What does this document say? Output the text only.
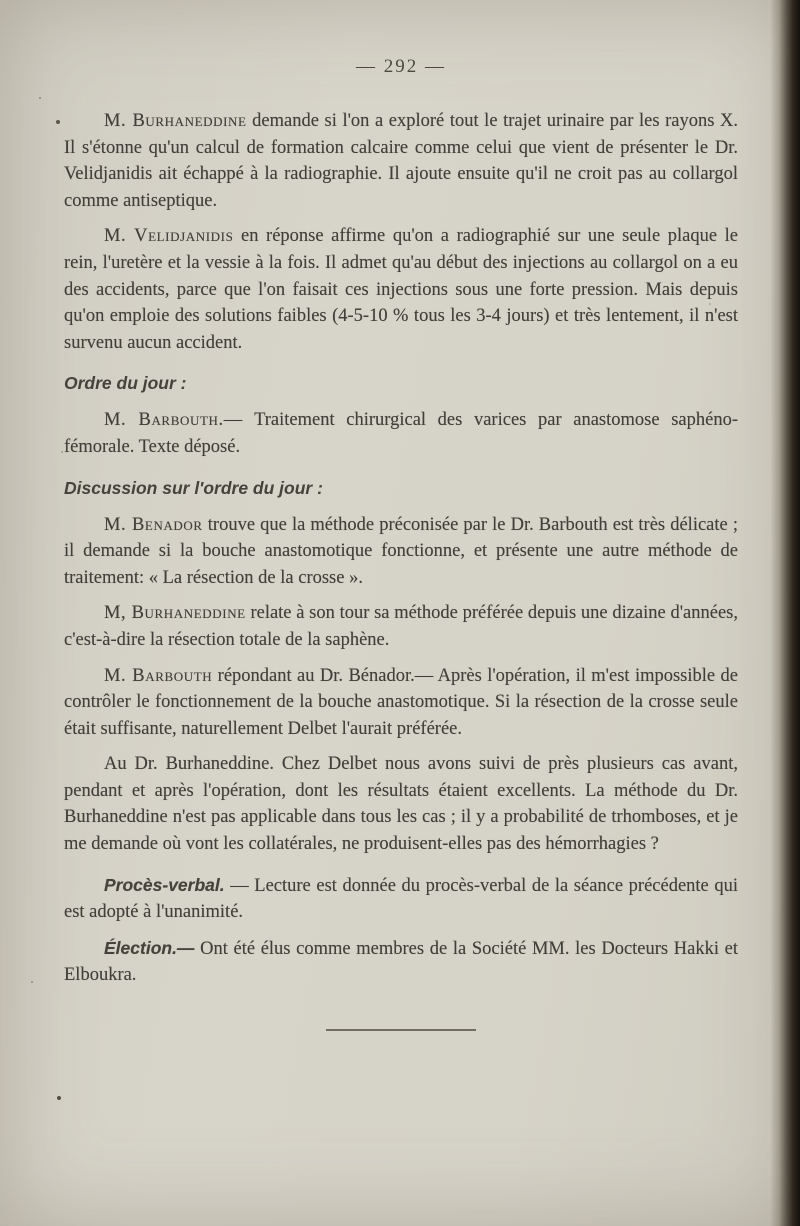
— 292 —

M. Burhaneddine demande si l'on a exploré tout le trajet urinaire par les rayons X. Il s'étonne qu'un calcul de formation calcaire comme celui que vient de présenter le Dr. Velidjanidis ait échappé à la radiographie. Il ajoute ensuite qu'il ne croit pas au collargol comme antiseptique.

M. Velidjanidis en réponse affirme qu'on a radiographié sur une seule plaque le rein, l'uretère et la vessie à la fois. Il admet qu'au début des injections au collargol on a eu des accidents, parce que l'on faisait ces injections sous une forte pression. Mais depuis qu'on emploie des solutions faibles (4-5-10 % tous les 3-4 jours) et très lentement, il n'est survenu aucun accident.

Ordre du jour :

M. Barbouth.— Traitement chirurgical des varices par anastomose saphéno-fémorale. Texte déposé.

Discussion sur l'ordre du jour :

M. Benador trouve que la méthode préconisée par le Dr. Barbouth est très délicate ; il demande si la bouche anastomotique fonctionne, et présente une autre méthode de traitement: « La résection de la crosse ».

M, Burhaneddine relate à son tour sa méthode préférée depuis une dizaine d'années, c'est-à-dire la résection totale de la saphène.

M. Barbouth répondant au Dr. Bénador.— Après l'opération, il m'est impossible de contrôler le fonctionnement de la bouche anastomotique. Si la résection de la crosse seule était suffisante, naturellement Delbet l'aurait préférée.

Au Dr. Burhaneddine. Chez Delbet nous avons suivi de près plusieurs cas avant, pendant et après l'opération, dont les résultats étaient excellents. La méthode du Dr. Burhaneddine n'est pas applicable dans tous les cas ; il y a probabilité de trhomboses, et je me demande où vont les collatérales, ne produisent-elles pas des hémorrhagies ?

Procès-verbal. — Lecture est donnée du procès-verbal de la séance précédente qui est adopté à l'unanimité.

Élection.— Ont été élus comme membres de la Société MM. les Docteurs Hakki et Elboukra.
